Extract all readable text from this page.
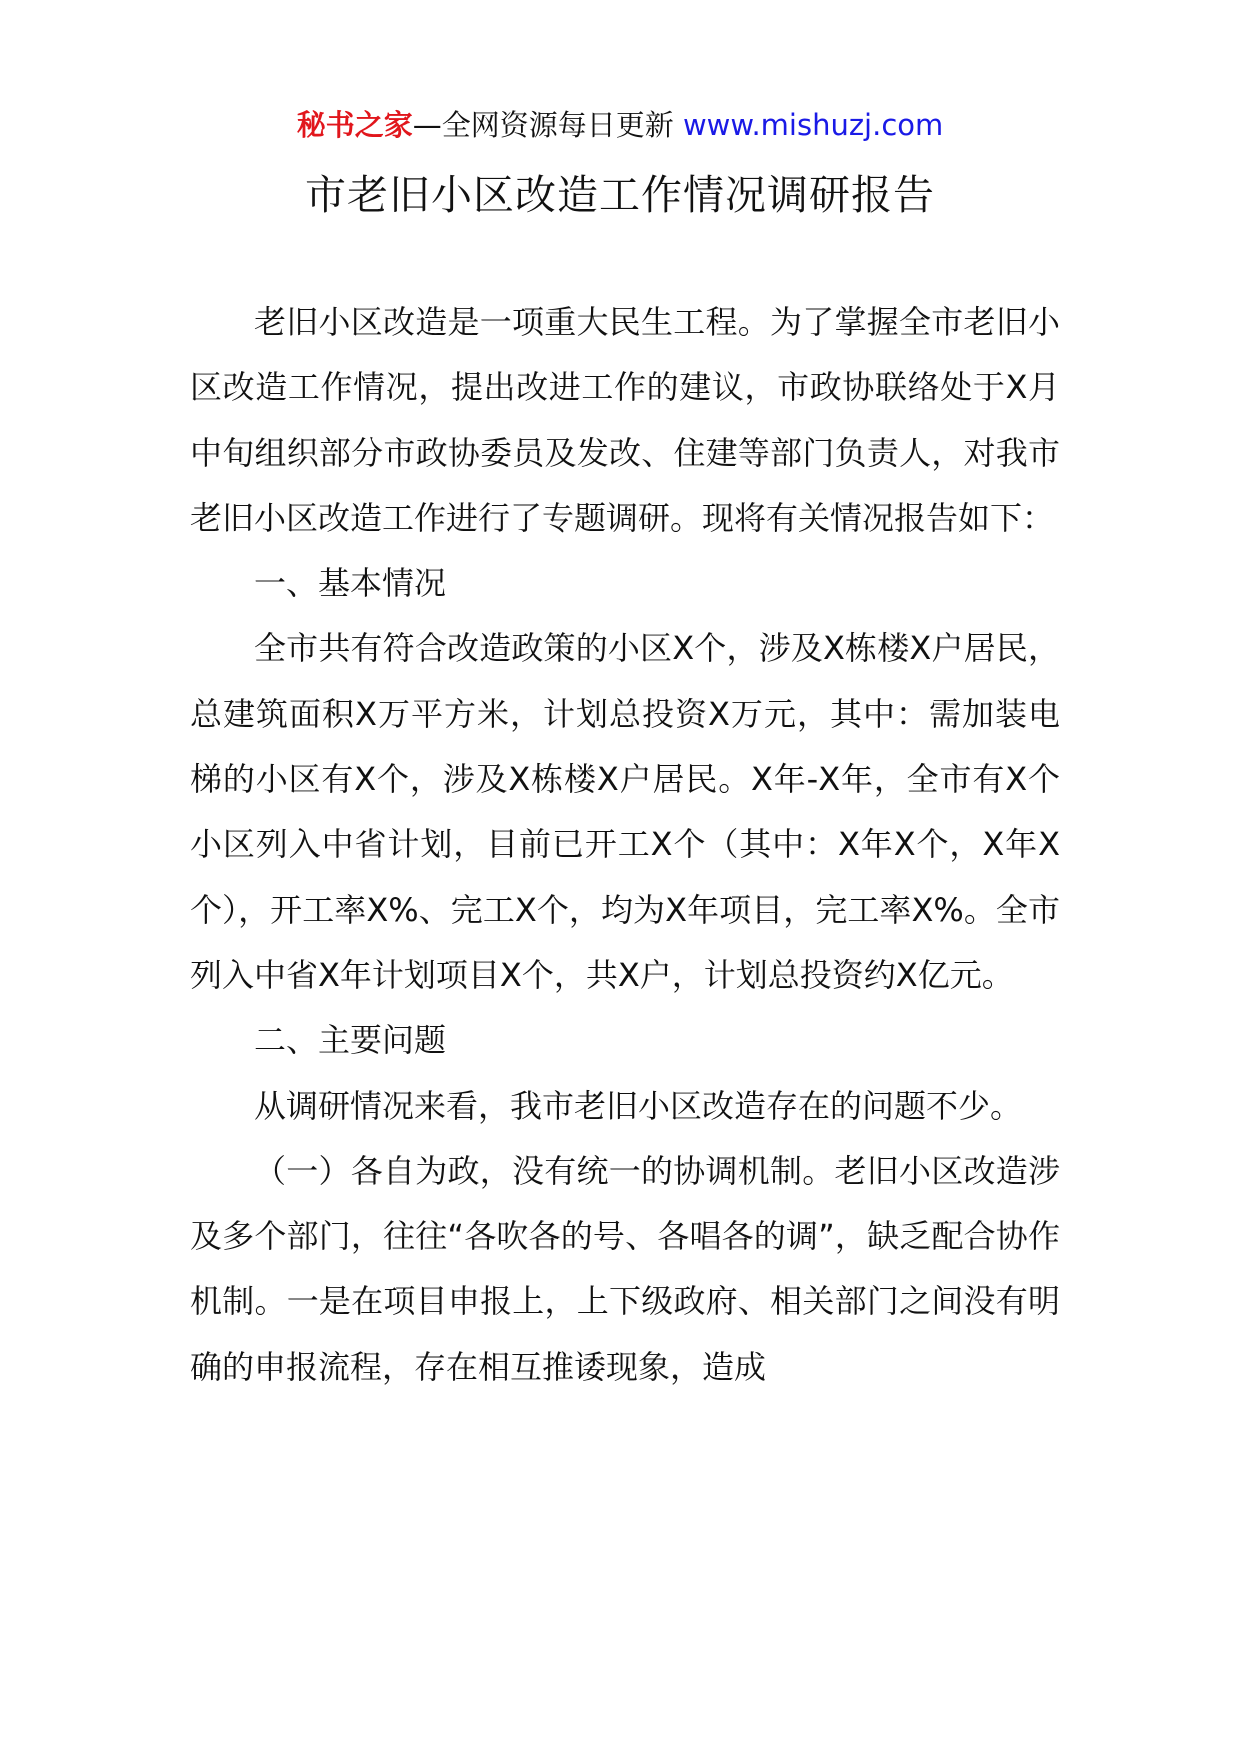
秘书之家—全网资源每日更新 www.mishuzj.com
市老旧小区改造工作情况调研报告

老旧小区改造是一项重大民生工程。为了掌握全市老旧小区改造工作情况，提出改进工作的建议，市政协联络处于X月中旬组织部分市政协委员及发改、住建等部门负责人，对我市老旧小区改造工作进行了专题调研。现将有关情况报告如下：

一、基本情况

全市共有符合改造政策的小区X个，涉及X栋楼X户居民，总建筑面积X万平方米，计划总投资X万元，其中：需加装电梯的小区有X个，涉及X栋楼X户居民。X年-X年，全市有X个小区列入中省计划，目前已开工X个（其中：X年X个，X年X个），开工率X%、完工X个，均为X年项目，完工率X%。全市列入中省X年计划项目X个，共X户，计划总投资约X亿元。

二、主要问题

从调研情况来看，我市老旧小区改造存在的问题不少。

（一）各自为政，没有统一的协调机制。老旧小区改造涉及多个部门，往往“各吹各的号、各唱各的调”，缺乏配合协作机制。一是在项目申报上，上下级政府、相关部门之间没有明确的申报流程，存在相互推诿现象，造成
